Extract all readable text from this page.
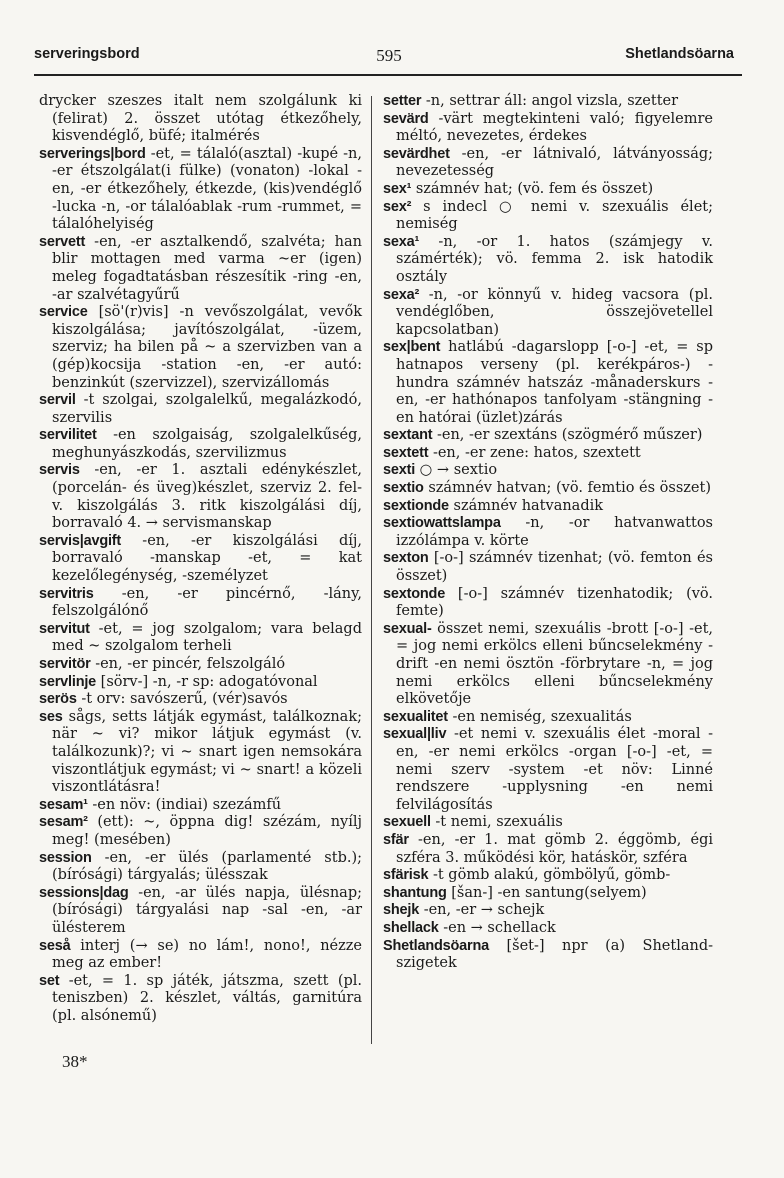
serveringsbord	595	Shetlandsöarna
drycker szeszes italt nem szolgálunk ki (felirat) 2. összet utótag étkezőhely, kisvendéglő, büfé; italmérés
serverings|bord -et, = tálaló(asztal) -kupé -n, -er étszolgálat(i fülke) (vonaton) -lokal -en, -er étkezőhely, étkezde, (kis)vendéglő -lucka -n, -or tálalóablak -rum -rummet, = tálalóhelyiség
servett -en, -er asztalkendő, szalvéta; han blir mottagen med varma ~er (igen) meleg fogadtatásban részesítik -ring -en, -ar szalvétagyűrű
service [sö'(r)vis] -n vevőszolgálat, vevők kiszolgálása; javítószolgálat, -üzem, szerviz; ha bilen på ~ a szervizben van a (gép)kocsija -station -en, -er autó: benzinkút (szervizzel), szervizállomás
servil -t szolgai, szolgalelkű, megalázkodó, szervilis
servilitet -en szolgaiság, szolgalelkűség, meghunyászkodás, szervilizmus
servis -en, -er 1. asztali edénykészlet, (porcelán- és üveg)készlet, szerviz 2. fel- v. kiszolgálás 3. ritk kiszolgálási díj, borravaló 4. → servismanskap
servis|avgift -en, -er kiszolgálási díj, borravaló -manskap -et, = kat kezelőlegénység, -személyzet
servitris -en, -er pincérnő, -lány, felszolgálónő
servitut -et, = jog szolgalom; vara belagd med ~ szolgalom terheli
servitör -en, -er pincér, felszolgáló
servlinje [sörv-] -n, -r sp: adogatóvonal
serös -t orv: savószerű, (vér)savós
ses sågs, setts látják egymást, találkoznak; när ~ vi? mikor látjuk egymást (v. találkozunk)?; vi ~ snart igen nemsokára viszontlátjuk egymást; vi ~ snart! a közeli viszontlátásra!
sesam¹ -en növ: (indiai) szezámfű
sesam² (ett): ~, öppna dig! szézám, nyílj meg! (mesében)
session -en, -er ülés (parlamenté stb.); (bírósági) tárgyalás; ülésszak
sessions|dag -en, -ar ülés napja, ülésnap; (bírósági) tárgyalási nap -sal -en, -ar ülésterem
seså interj (→ se) no lám!, nono!, nézze meg az ember!
set -et, = 1. sp játék, játszma, szett (pl. teniszben) 2. készlet, váltás, garnitúra (pl. alsónemű)
setter -n, settrar áll: angol vizsla, szetter
sevärd -värt megtekinteni való; figyelemre méltó, nevezetes, érdekes
sevärdhet -en, -er látnivaló, látványosság; nevezetesség
sex¹ számnév hat; (vö. fem és összet)
sex² s indecl ○ nemi v. szexuális élet; nemiség
sexa¹ -n, -or 1. hatos (számjegy v. számérték); vö. femma 2. isk hatodik osztály
sexa² -n, -or könnyű v. hideg vacsora (pl. vendéglőben, összejövetellel kapcsolatban)
sex|bent hatlábú -dagarslopp [-o-] -et, = sp hatnapos verseny (pl. kerékpáros-) -hundra számnév hatszáz -månaderskurs -en, -er hathónapos tanfolyam -stängning -en hatórai (üzlet)zárás
sextant -en, -er szextáns (szögmérő műszer)
sextett -en, -er zene: hatos, szextett
sexti ○ → sextio
sextio számnév hatvan; (vö. femtio és összet)
sextionde számnév hatvanadik
sextiowattslampa -n, -or hatvanwattos izzólámpa v. körte
sexton [-o-] számnév tizenhat; (vö. femton és összet)
sextonde [-o-] számnév tizenhatodik; (vö. femte)
sexual- összet nemi, szexuális -brott [-o-] -et, = jog nemi erkölcs elleni bűncselekmény -drift -en nemi ösztön -förbrytare -n, = jog nemi erkölcs elleni bűncselekmény elkövetője
sexualitet -en nemiség, szexualitás
sexual|liv -et nemi v. szexuális élet -moral -en, -er nemi erkölcs -organ [-o-] -et, = nemi szerv -system -et növ: Linné rendszere -upplysning -en nemi felvilágosítás
sexuell -t nemi, szexuális
sfär -en, -er 1. mat gömb 2. éggömb, égi szféra 3. működési kör, hatáskör, szféra
sfärisk -t gömb alakú, gömbölyű, gömb-
shantung [šan-] -en santung(selyem)
shejk -en, -er → schejk
shellack -en → schellack
Shetlandsöarna [šet-] npr (a) Shetland-szigetek
38*
